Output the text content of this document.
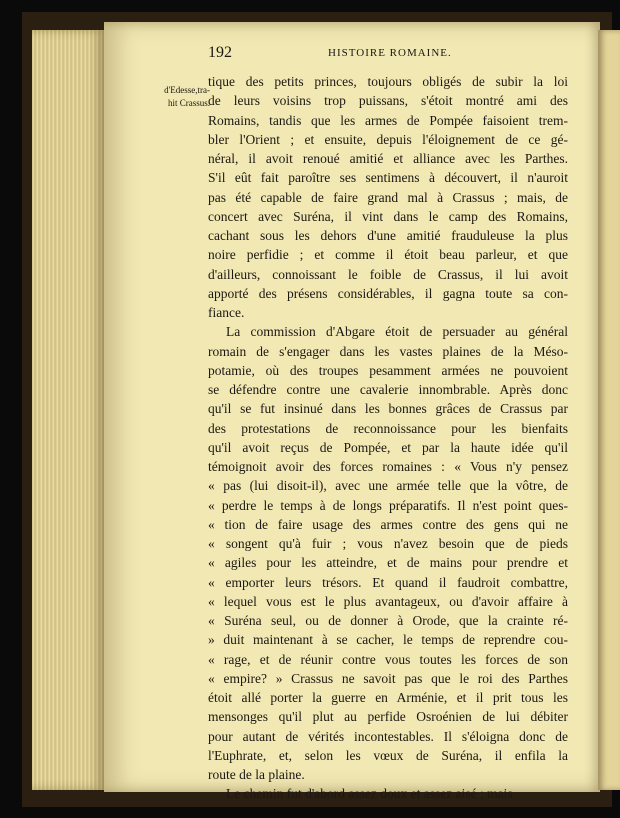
192	HISTOIRE ROMAINE.
d'Edesse,tra-
hit Crassus.
tique des petits princes, toujours obligés de subir la loi
de leurs voisins trop puissans, s'étoit montré ami des
Romains, tandis que les armes de Pompée faisoient trem-
bler l'Orient ; et ensuite, depuis l'éloignement de ce gé-
néral, il avoit renoué amitié et alliance avec les Parthes.
S'il eût fait paroître ses sentimens à découvert, il n'auroit
pas été capable de faire grand mal à Crassus ; mais, de
concert avec Suréna, il vint dans le camp des Romains,
cachant sous les dehors d'une amitié frauduleuse la plus
noire perfidie ; et comme il étoit beau parleur, et que
d'ailleurs, connoissant le foible de Crassus, il lui avoit
apporté des présens considérables, il gagna toute sa con-
fiance.
La commission d'Abgare étoit de persuader au général
romain de s'engager dans les vastes plaines de la Méso-
potamie, où des troupes pesamment armées ne pouvoient
se défendre contre une cavalerie innombrable. Après donc
qu'il se fut insinué dans les bonnes grâces de Crassus par
des protestations de reconnoissance pour les bienfaits
qu'il avoit reçus de Pompée, et par la haute idée qu'il
témoignoit avoir des forces romaines : « Vous n'y pensez
« pas (lui disoit-il), avec une armée telle que la vôtre, de
« perdre le temps à de longs préparatifs. Il n'est point ques-
« tion de faire usage des armes contre des gens qui ne
« songent qu'à fuir ; vous n'avez besoin que de pieds
« agiles pour les atteindre, et de mains pour prendre et
« emporter leurs trésors. Et quand il faudroit combattre,
« lequel vous est le plus avantageux, ou d'avoir affaire à
« Suréna seul, ou de donner à Orode, que la crainte ré-
» duit maintenant à se cacher, le temps de reprendre cou-
« rage, et de réunir contre vous toutes les forces de son
« empire? » Crassus ne savoit pas que le roi des Parthes
étoit allé porter la guerre en Arménie, et il prit tous les
mensonges qu'il plut au perfide Osroénien de lui débiter
pour autant de vérités incontestables. Il s'éloigna donc de
l'Euphrate, et, selon les vœux de Suréna, il enfila la
route de la plaine.
Le chemin fut d'abord assez doux et assez aisé ; mais
